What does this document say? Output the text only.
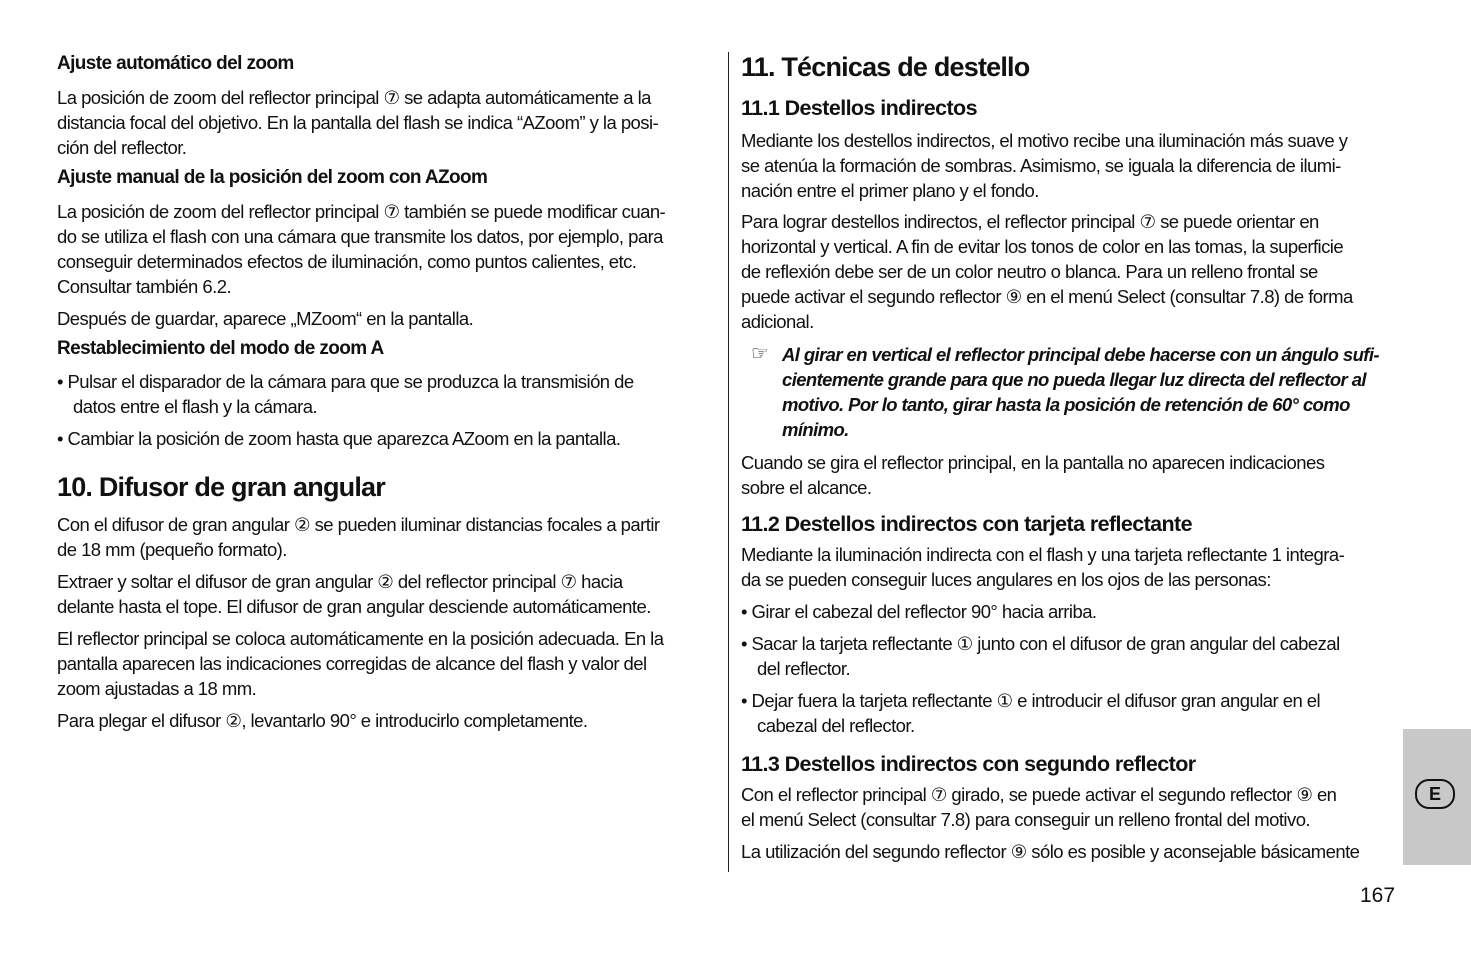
Ajuste automático del zoom
La posición de zoom del reflector principal ⑦ se adapta automáticamente a la
distancia focal del objetivo. En la pantalla del flash se indica “AZoom” y la posi-
ción del reflector.
Ajuste manual de la posición del zoom con AZoom
La posición de zoom del reflector principal ⑦ también se puede modificar cuan-
do se utiliza el flash con una cámara que transmite los datos, por ejemplo, para
conseguir determinados efectos de iluminación, como puntos calientes, etc.
Consultar también 6.2.
Después de guardar, aparece „MZoom“ en la pantalla.
Restablecimiento del modo de zoom A
• Pulsar el disparador de la cámara para que se produzca la transmisión de
datos entre el flash y la cámara.
• Cambiar la posición de zoom hasta que aparezca AZoom en la pantalla.
10. Difusor de gran angular
Con el difusor de gran angular ② se pueden iluminar distancias focales a partir
de 18 mm (pequeño formato).
Extraer y soltar el difusor de gran angular ② del reflector principal ⑦ hacia
delante hasta el tope. El difusor de gran angular desciende automáticamente.
El reflector principal se coloca automáticamente en la posición adecuada. En la
pantalla aparecen las indicaciones corregidas de alcance del flash y valor del
zoom ajustadas a 18 mm.
Para plegar el difusor ②, levantarlo 90° e introducirlo completamente.
11. Técnicas de destello
11.1 Destellos indirectos
Mediante los destellos indirectos, el motivo recibe una iluminación más suave y
se atenúa la formación de sombras. Asimismo, se iguala la diferencia de ilumi-
nación entre el primer plano y el fondo.
Para lograr destellos indirectos, el reflector principal ⑦ se puede orientar en
horizontal y vertical. A fin de evitar los tonos de color en las tomas, la superficie
de reflexión debe ser de un color neutro o blanca. Para un relleno frontal se
puede activar el segundo reflector ⑨ en el menú Select (consultar 7.8) de forma
adicional.
☞ Al girar en vertical el reflector principal debe hacerse con un ángulo sufi-
cientemente grande para que no pueda llegar luz directa del reflector al
motivo. Por lo tanto, girar hasta la posición de retención de 60° como
mínimo.
Cuando se gira el reflector principal, en la pantalla no aparecen indicaciones
sobre el alcance.
11.2 Destellos indirectos con tarjeta reflectante
Mediante la iluminación indirecta con el flash y una tarjeta reflectante 1 integra-
da se pueden conseguir luces angulares en los ojos de las personas:
• Girar el cabezal del reflector 90° hacia arriba.
• Sacar la tarjeta reflectante ① junto con el difusor de gran angular del cabezal
del reflector.
• Dejar fuera la tarjeta reflectante ① e introducir el difusor gran angular en el
cabezal del reflector.
11.3 Destellos indirectos con segundo reflector
Con el reflector principal ⑦ girado, se puede activar el segundo reflector ⑨ en
el menú Select (consultar 7.8) para conseguir un relleno frontal del motivo.
La utilización del segundo reflector ⑨ sólo es posible y aconsejable básicamente
E
167
